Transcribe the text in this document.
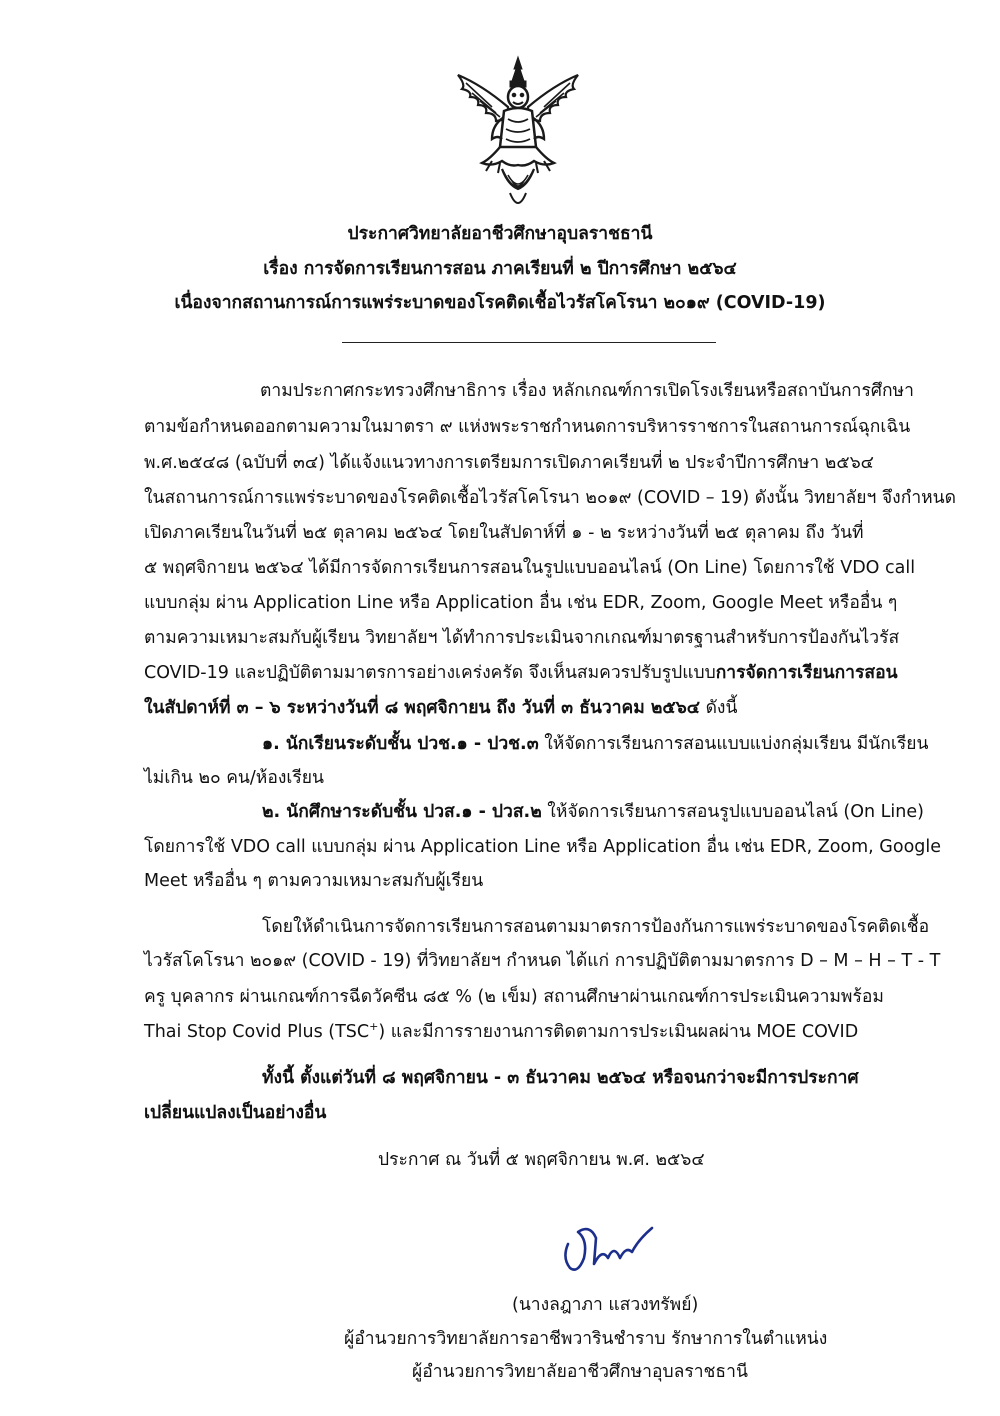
ประกาศวิทยาลัยอาชีวศึกษาอุบลราชธานี
เรื่อง การจัดการเรียนการสอน ภาคเรียนที่ ๒ ปีการศึกษา ๒๕๖๔
เนื่องจากสถานการณ์การแพร่ระบาดของโรคติดเชื้อไวรัสโคโรนา ๒๐๑๙ (COVID-19)
ตามประกาศกระทรวงศึกษาธิการ เรื่อง หลักเกณฑ์การเปิดโรงเรียนหรือสถาบันการศึกษา
ตามข้อกำหนดออกตามความในมาตรา ๙ แห่งพระราชกำหนดการบริหารราชการในสถานการณ์ฉุกเฉิน
พ.ศ.๒๕๔๘ (ฉบับที่ ๓๔) ได้แจ้งแนวทางการเตรียมการเปิดภาคเรียนที่ ๒ ประจำปีการศึกษา ๒๕๖๔
ในสถานการณ์การแพร่ระบาดของโรคติดเชื้อไวรัสโคโรนา ๒๐๑๙ (COVID – 19) ดังนั้น วิทยาลัยฯ จึงกำหนด
เปิดภาคเรียนในวันที่ ๒๕ ตุลาคม ๒๕๖๔ โดยในสัปดาห์ที่ ๑ - ๒ ระหว่างวันที่ ๒๕ ตุลาคม ถึง วันที่
๕ พฤศจิกายน ๒๕๖๔ ได้มีการจัดการเรียนการสอนในรูปแบบออนไลน์ (On Line) โดยการใช้ VDO call
แบบกลุ่ม ผ่าน Application Line หรือ Application อื่น เช่น EDR, Zoom, Google Meet หรืออื่น ๆ
ตามความเหมาะสมกับผู้เรียน วิทยาลัยฯ ได้ทำการประเมินจากเกณฑ์มาตรฐานสำหรับการป้องกันไวรัส
COVID-19 และปฏิบัติตามมาตรการอย่างเคร่งครัด จึงเห็นสมควรปรับรูปแบบการจัดการเรียนการสอน
ในสัปดาห์ที่ ๓ – ๖ ระหว่างวันที่ ๘ พฤศจิกายน ถึง วันที่ ๓ ธันวาคม ๒๕๖๔ ดังนี้
๑. นักเรียนระดับชั้น ปวช.๑ - ปวช.๓ ให้จัดการเรียนการสอนแบบแบ่งกลุ่มเรียน มีนักเรียน
ไม่เกิน ๒๐ คน/ห้องเรียน
๒. นักศึกษาระดับชั้น ปวส.๑ - ปวส.๒ ให้จัดการเรียนการสอนรูปแบบออนไลน์ (On Line)
โดยการใช้ VDO call แบบกลุ่ม ผ่าน Application Line หรือ Application อื่น เช่น EDR, Zoom, Google
Meet หรืออื่น ๆ ตามความเหมาะสมกับผู้เรียน
โดยให้ดำเนินการจัดการเรียนการสอนตามมาตรการป้องกันการแพร่ระบาดของโรคติดเชื้อ
ไวรัสโคโรนา ๒๐๑๙ (COVID - 19) ที่วิทยาลัยฯ กำหนด ได้แก่ การปฏิบัติตามมาตรการ D – M – H – T - T
ครู บุคลากร ผ่านเกณฑ์การฉีดวัคซีน ๘๕ % (๒ เข็ม) สถานศึกษาผ่านเกณฑ์การประเมินความพร้อม
Thai Stop Covid Plus (TSC+) และมีการรายงานการติดตามการประเมินผลผ่าน MOE COVID
ทั้งนี้ ตั้งแต่วันที่ ๘ พฤศจิกายน - ๓ ธันวาคม ๒๕๖๔ หรือจนกว่าจะมีการประกาศ
เปลี่ยนแปลงเป็นอย่างอื่น
ประกาศ ณ วันที่ ๕ พฤศจิกายน พ.ศ. ๒๕๖๔
(นางลฎาภา แสวงทรัพย์)
ผู้อำนวยการวิทยาลัยการอาชีพวารินชำราบ รักษาการในตำแหน่ง
ผู้อำนวยการวิทยาลัยอาชีวศึกษาอุบลราชธานี
